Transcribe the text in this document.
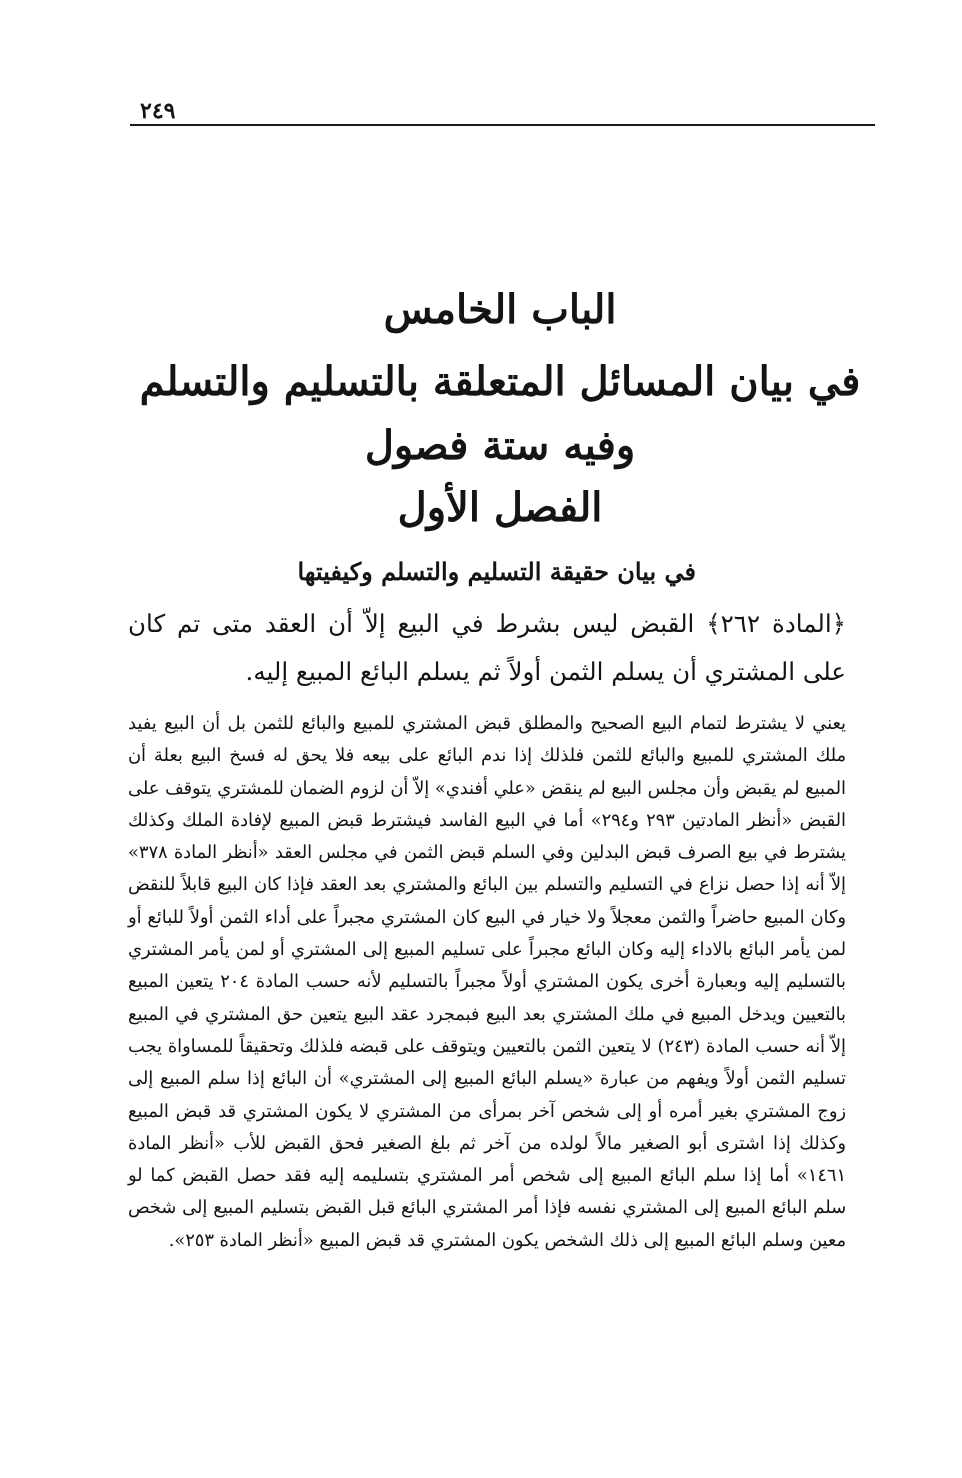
٢٤٩
الباب الخامس
في بيان المسائل المتعلقة بالتسليم والتسلم وفيه ستة فصول
الفصل الأول
في بيان حقيقة التسليم والتسلم وكيفيتها

﴿المادة ٢٦٢﴾ القبض ليس بشرط في البيع إلاّ أن العقد متى تم كان على المشتري أن يسلم الثمن أولاً ثم يسلم البائع المبيع إليه.

يعني لا يشترط لتمام البيع الصحيح والمطلق قبض المشتري للمبيع والبائع للثمن بل أن البيع يفيد ملك المشتري للمبيع والبائع للثمن فلذلك إذا ندم البائع على بيعه فلا يحق له فسخ البيع بعلة أن المبيع لم يقبض وأن مجلس البيع لم ينقض «علي أفندي» إلاّ أن لزوم الضمان للمشتري يتوقف على القبض «أنظر المادتين ٢٩٣ و٢٩٤» أما في البيع الفاسد فيشترط قبض المبيع لإفادة الملك وكذلك يشترط في بيع الصرف قبض البدلين وفي السلم قبض الثمن في مجلس العقد «أنظر المادة ٣٧٨» إلاّ أنه إذا حصل نزاع في التسليم والتسلم بين البائع والمشتري بعد العقد فإذا كان البيع قابلاً للنقض وكان المبيع حاضراً والثمن معجلاً ولا خيار في البيع كان المشتري مجبراً على أداء الثمن أولاً للبائع أو لمن يأمر البائع بالاداء إليه وكان البائع مجبراً على تسليم المبيع إلى المشتري أو لمن يأمر المشتري بالتسليم إليه وبعبارة أخرى يكون المشتري أولاً مجبراً بالتسليم لأنه حسب المادة ٢٠٤ يتعين المبيع بالتعيين ويدخل المبيع في ملك المشتري بعد البيع فبمجرد عقد البيع يتعين حق المشتري في المبيع إلاّ أنه حسب المادة (٢٤٣) لا يتعين الثمن بالتعيين ويتوقف على قبضه فلذلك وتحقيقاً للمساواة يجب تسليم الثمن أولاً ويفهم من عبارة «يسلم البائع المبيع إلى المشتري» أن البائع إذا سلم المبيع إلى زوج المشتري بغير أمره أو إلى شخص آخر بمرأى من المشتري لا يكون المشتري قد قبض المبيع وكذلك إذا اشترى أبو الصغير مالاً لولده من آخر ثم بلغ الصغير فحق القبض للأب «أنظر المادة ١٤٦١» أما إذا سلم البائع المبيع إلى شخص أمر المشتري بتسليمه إليه فقد حصل القبض كما لو سلم البائع المبيع إلى المشتري نفسه فإذا أمر المشتري البائع قبل القبض بتسليم المبيع إلى شخص معين وسلم البائع المبيع إلى ذلك الشخص يكون المشتري قد قبض المبيع «أنظر المادة ٢٥٣».
